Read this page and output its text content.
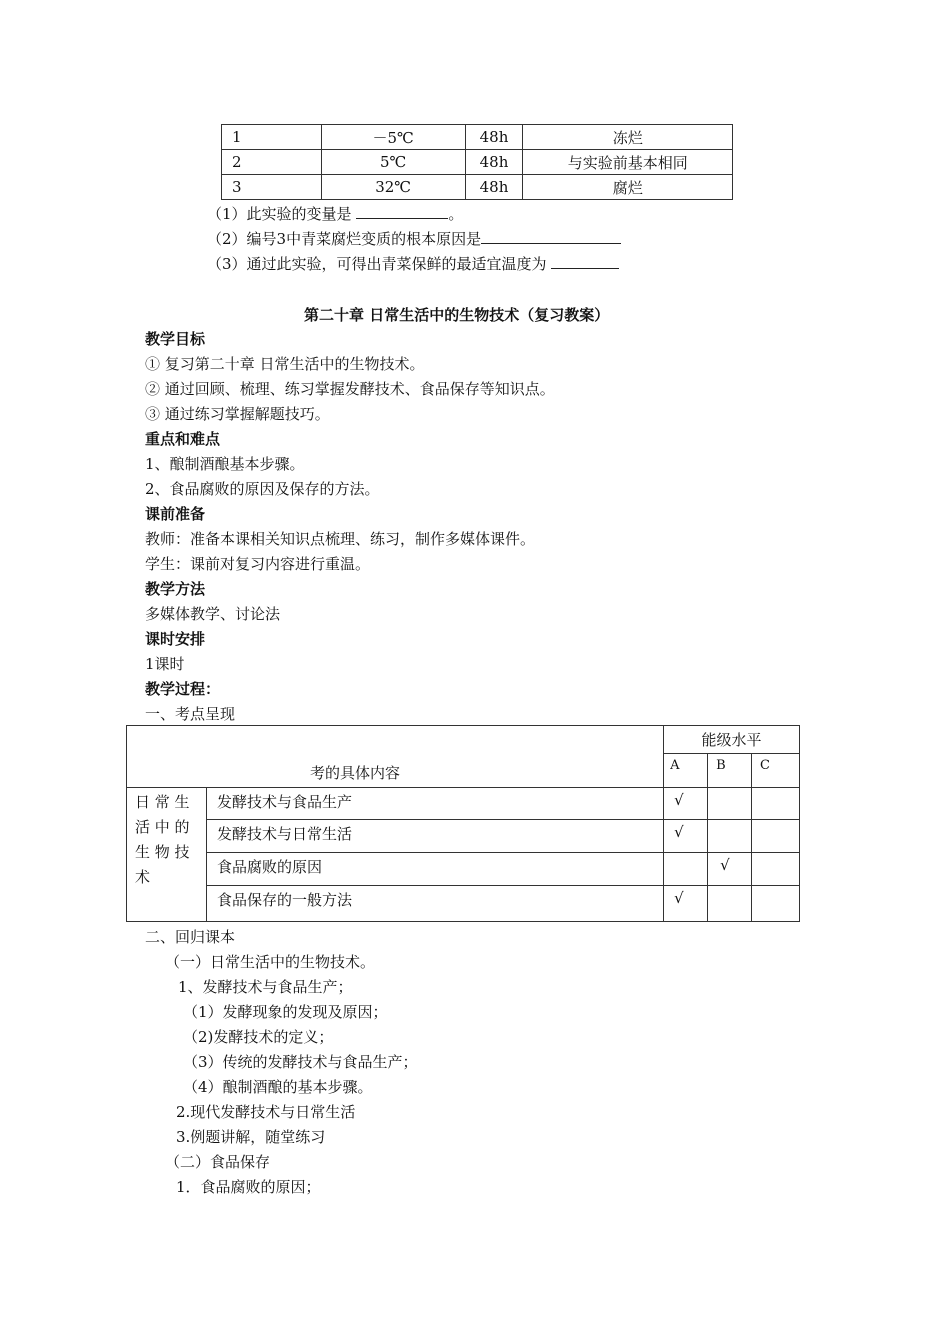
1	－5℃	48h	冻烂
2	5℃	48h	与实验前基本相同
3	32℃	48h	腐烂
（1）此实验的变量是	。
（2）编号3中青菜腐烂变质的根本原因是
（3）通过此实验，可得出青菜保鲜的最适宜温度为
第二十章 日常生活中的生物技术（复习教案）
教学目标
① 复习第二十章 日常生活中的生物技术。
② 通过回顾、梳理、练习掌握发酵技术、食品保存等知识点。
③ 通过练习掌握解题技巧。
重点和难点
1、酿制酒酿基本步骤。
2、食品腐败的原因及保存的方法。
课前准备
教师：准备本课相关知识点梳理、练习，制作多媒体课件。
学生：课前对复习内容进行重温。
教学方法
多媒体教学、讨论法
课时安排
1课时
教学过程：
一、考点呈现
考的具体内容		能级水平		
		A	B	C

日 常 生
活 中 的
生 物 技
术	发酵技术与食品生产	√		
	发酵技术与日常生活	√		
	食品腐败的原因		√	
	食品保存的一般方法	√		
二、回归课本
（一）日常生活中的生物技术。
1、发酵技术与食品生产；
（1）发酵现象的发现及原因；
（2)发酵技术的定义；
（3）传统的发酵技术与食品生产；
（4）酿制酒酿的基本步骤。
2.现代发酵技术与日常生活
3.例题讲解，随堂练习
（二）食品保存
1．食品腐败的原因；
